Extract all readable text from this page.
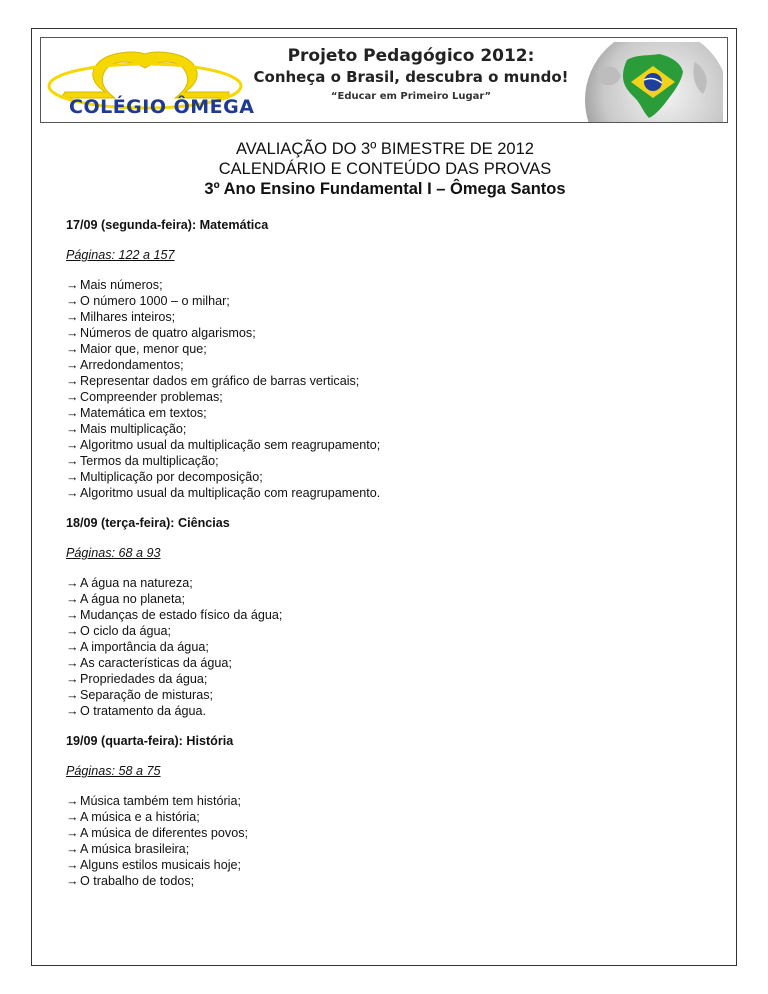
COLÉGIO ÔMEGA
Projeto Pedagógico 2012:
Conheça o Brasil, descubra o mundo!
“Educar em Primeiro Lugar”
AVALIAÇÃO DO 3º BIMESTRE DE 2012
CALENDÁRIO E CONTEÚDO DAS PROVAS
3º Ano Ensino Fundamental I – Ômega Santos

17/09 (segunda-feira): Matemática

Páginas: 122 a 157

→Mais números;
→O número 1000 – o milhar;
→Milhares inteiros;
→Números de quatro algarismos;
→Maior que, menor que;
→Arredondamentos;
→Representar dados em gráfico de barras verticais;
→Compreender problemas;
→Matemática em textos;
→Mais multiplicação;
→Algoritmo usual da multiplicação sem reagrupamento;
→Termos da multiplicação;
→Multiplicação por decomposição;
→Algoritmo usual da multiplicação com reagrupamento.

18/09 (terça-feira): Ciências

Páginas: 68 a 93

→A água na natureza;
→A água no planeta;
→Mudanças de estado físico da água;
→O ciclo da água;
→A importância da água;
→As características da água;
→Propriedades da água;
→Separação de misturas;
→O tratamento da água.

19/09 (quarta-feira): História

Páginas: 58 a 75

→Música também tem história;
→A música e a história;
→A música de diferentes povos;
→A música brasileira;
→Alguns estilos musicais hoje;
→O trabalho de todos;
